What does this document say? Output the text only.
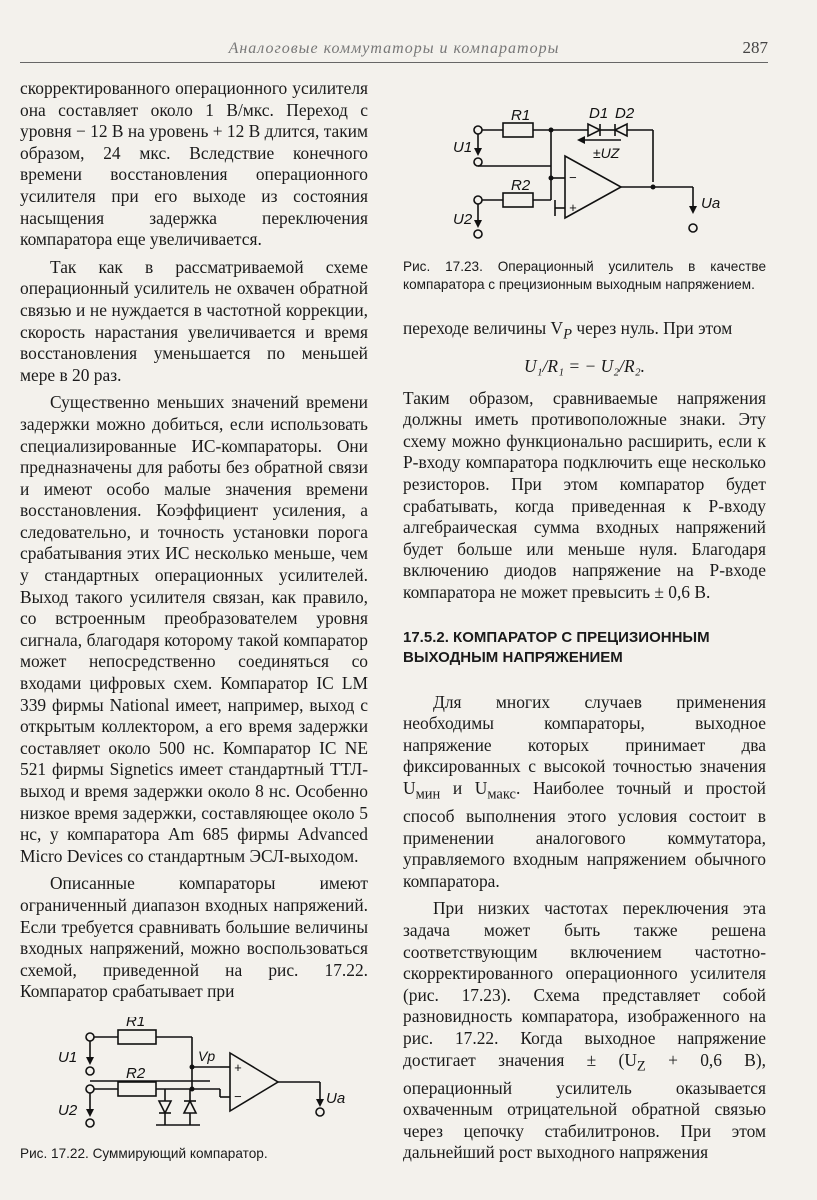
Аналоговые коммутаторы и компараторы	287

скорректированного операционного усилителя она составляет около 1 В/мкс. Переход с уровня − 12 В на уровень + 12 В длится, таким образом, 24 мкс. Вследствие конечного времени восстановления операционного усилителя при его выходе из состояния насыщения задержка переключения компаратора еще увеличивается.

Так как в рассматриваемой схеме операционный усилитель не охвачен обратной связью и не нуждается в частотной коррекции, скорость нарастания увеличивается и время восстановления уменьшается по меньшей мере в 20 раз.

Существенно меньших значений времени задержки можно добиться, если использовать специализированные ИС-компараторы. Они предназначены для работы без обратной связи и имеют особо малые значения времени восстановления. Коэффициент усиления, а следовательно, и точность установки порога срабатывания этих ИС несколько меньше, чем у стандартных операционных усилителей. Выход такого усилителя связан, как правило, со встроенным преобразователем уровня сигнала, благодаря которому такой компаратор может непосредственно соединяться со входами цифровых схем. Компаратор IC LM 339 фирмы National имеет, например, выход с открытым коллектором, а его время задержки составляет около 500 нс. Компаратор IC NE 521 фирмы Signetics имеет стандартный ТТЛ-выход и время задержки около 8 нс. Особенно низкое время задержки, составляющее около 5 нс, у компаратора Am 685 фирмы Advanced Micro Devices со стандартным ЭСЛ-выходом.

Описанные компараторы имеют ограниченный диапазон входных напряжений. Если требуется сравнивать большие величины входных напряжений, можно воспользоваться схемой, приведенной на рис. 17.22. Компаратор срабатывает при

R1
U1
R2
U2
Vp
+
−	Ua
Рис. 17.22. Суммирующий компаратор.
R1
U1
R2
U2
D1 D2
±UZ
−
+	Ua
Рис. 17.23. Операционный усилитель в качестве компаратора с прецизионным выходным напряжением.

переходе величины $V_P$ через нуль. При этом

U₁/R₁ = − U₂/R₂.

Таким образом, сравниваемые напряжения должны иметь противоположные знаки. Эту схему можно функционально расширить, если к P-входу компаратора подключить еще несколько резисторов. При этом компаратор будет срабатывать, когда приведенная к P-входу алгебраическая сумма входных напряжений будет больше или меньше нуля. Благодаря включению диодов напряжение на P-входе компаратора не может превысить ± 0,6 В.

17.5.2. КОМПАРАТОР С ПРЕЦИЗИОННЫМ ВЫХОДНЫМ НАПРЯЖЕНИЕМ

Для многих случаев применения необходимы компараторы, выходное напряжение которых принимает два фиксированных с высокой точностью значения $U_{мин}$ и $U_{макс}$. Наиболее точный и простой способ выполнения этого условия состоит в применении аналогового коммутатора, управляемого входным напряжением обычного компаратора.

При низких частотах переключения эта задача может быть также решена соответствующим включением частотно-скорректированного операционного усилителя (рис. 17.23). Схема представляет собой разновидность компаратора, изображенного на рис. 17.22. Когда выходное напряжение достигает значения ± ($U_Z + 0,6$ В), операционный усилитель оказывается охваченным отрицательной обратной связью через цепочку стабилитронов. При этом дальнейший рост выходного напряжения
